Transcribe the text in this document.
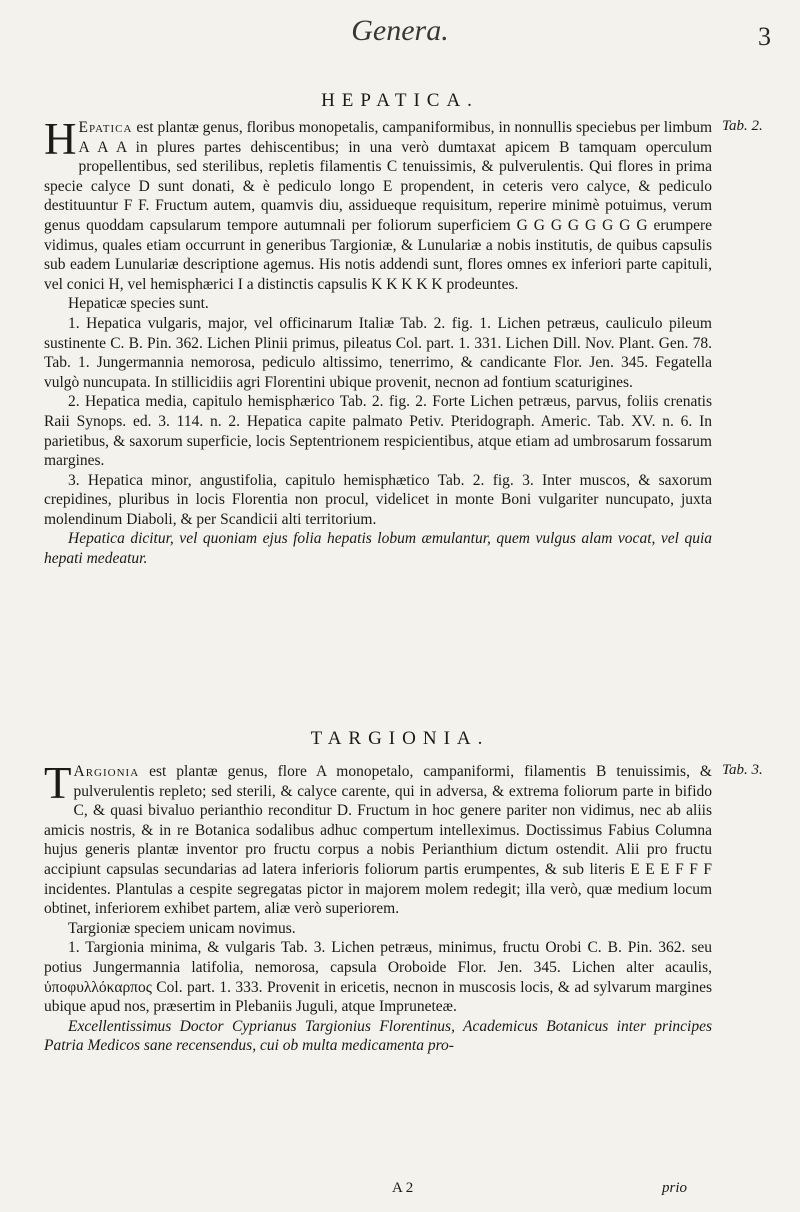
Genera.	3
HEPATICA.
Tab. 2.

H Epatica est plantæ genus, floribus monopetalis, campaniformibus, in nonnullis speciebus per limbum A A A in plures partes dehiscentibus; in una verò dumtaxat apicem B tamquam operculum propellentibus, sed sterilibus, repletis filamentis C tenuissimis, & pulverulentis. Qui flores in prima specie calyce D sunt donati, & è pediculo longo E propendent, in ceteris vero calyce, & pediculo destituuntur F F. Fructum autem, quamvis diu, assidueque requisitum, reperire minimè potuimus, verum genus quoddam capsularum tempore autumnali per foliorum superficiem G G G G G G G G erumpere vidimus, quales etiam occurrunt in generibus Targioniæ, & Lunulariæ a nobis institutis, de quibus capsulis sub eadem Lunulariæ descriptione agemus. His notis addendi sunt, flores omnes ex inferiori parte capituli, vel conici H, vel hemisphærici I a distinctis capsulis K K K K K prodeuntes.

Hepaticæ species sunt.

1. Hepatica vulgaris, major, vel officinarum Italiæ Tab. 2. fig. 1. Lichen petræus, cauliculo pileum sustinente C. B. Pin. 362. Lichen Plinii primus, pileatus Col. part. 1. 331. Lichen Dill. Nov. Plant. Gen. 78. Tab. 1. Jungermannia nemorosa, pediculo altissimo, tenerrimo, & candicante Flor. Jen. 345. Fegatella vulgò nuncupata. In stillicidiis agri Florentini ubique provenit, necnon ad fontium scaturigines.

2. Hepatica media, capitulo hemisphærico Tab. 2. fig. 2. Forte Lichen petræus, parvus, foliis crenatis Raii Synops. ed. 3. 114. n. 2. Hepatica capite palmato Petiv. Pteridograph. Americ. Tab. XV. n. 6. In parietibus, & saxorum superficie, locis Septentrionem respicientibus, atque etiam ad umbrosarum fossarum margines.

3. Hepatica minor, angustifolia, capitulo hemisphætico Tab. 2. fig. 3. Inter muscos, & saxorum crepidines, pluribus in locis Florentia non procul, videlicet in monte Boni vulgariter nuncupato, juxta molendinum Diaboli, & per Scandicii alti territorium.

Hepatica dicitur, vel quoniam ejus folia hepatis lobum æmulantur, quem vulgus alam vocat, vel quia hepati medeatur.

TARGIONIA.
Tab. 3.

T Argionia est plantæ genus, flore A monopetalo, campaniformi, filamentis B tenuissimis, & pulverulentis repleto; sed sterili, & calyce carente, qui in adversa, & extrema foliorum parte in bifido C, & quasi bivaluo perianthio reconditur D. Fructum in hoc genere pariter non vidimus, nec ab aliis amicis nostris, & in re Botanica sodalibus adhuc compertum intelleximus. Doctissimus Fabius Columna hujus generis plantæ inventor pro fructu corpus a nobis Perianthium dictum ostendit. Alii pro fructu accipiunt capsulas secundarias ad latera inferioris foliorum partis erumpentes, & sub literis E E E F F F incidentes. Plantulas a cespite segregatas pictor in majorem molem redegit; illa verò, quæ medium locum obtinet, inferiorem exhibet partem, aliæ verò superiorem.

Targioniæ speciem unicam novimus.

1. Targionia minima, & vulgaris Tab. 3. Lichen petræus, minimus, fructu Orobi C. B. Pin. 362. seu potius Jungermannia latifolia, nemorosa, capsula Oroboide Flor. Jen. 345. Lichen alter acaulis, ὑποφυλλόκαρπος Col. part. 1. 333. Provenit in ericetis, necnon in muscosis locis, & ad sylvarum margines ubique apud nos, præsertim in Plebaniis Juguli, atque Impruneteæ.

Excellentissimus Doctor Cyprianus Targionius Florentinus, Academicus Botanicus inter principes Patria Medicos sane recensendus, cui ob multa medicamenta pro-

A 2	prio
